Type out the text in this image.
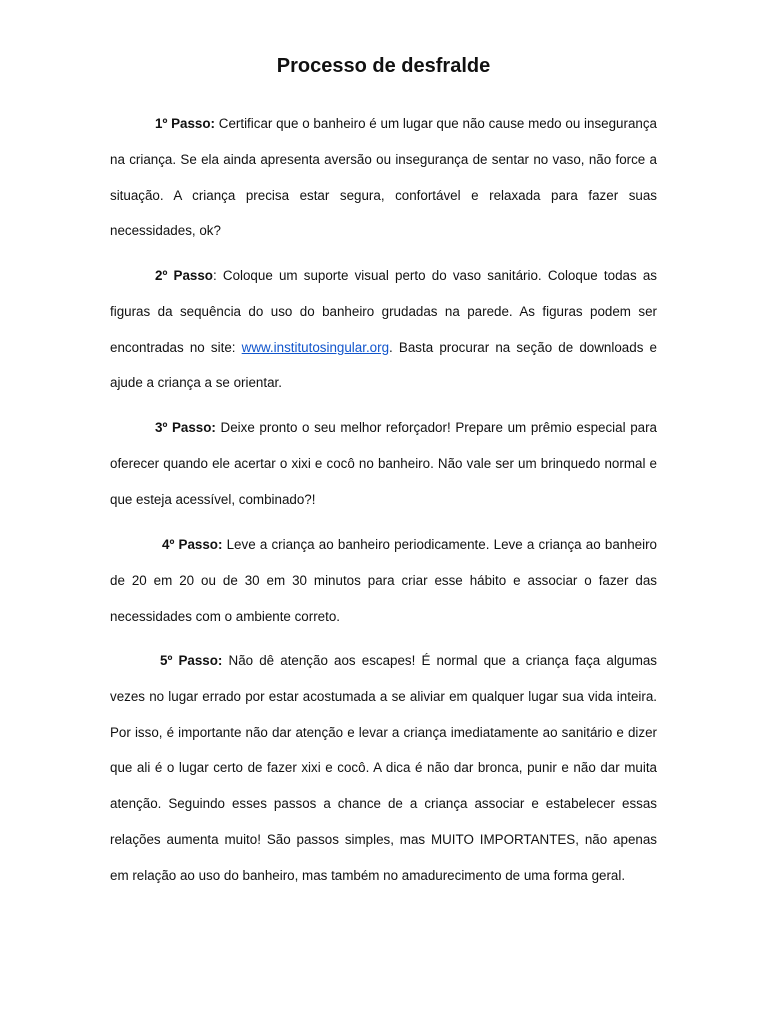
Processo de desfralde

1º Passo: Certificar que o banheiro é um lugar que não cause medo ou insegurança na criança. Se ela ainda apresenta aversão ou insegurança de sentar no vaso, não force a situação. A criança precisa estar segura, confortável e relaxada para fazer suas necessidades, ok?

2º Passo: Coloque um suporte visual perto do vaso sanitário. Coloque todas as figuras da sequência do uso do banheiro grudadas na parede. As figuras podem ser encontradas no site: www.institutosingular.org. Basta procurar na seção de downloads e ajude a criança a se orientar.

3º Passo: Deixe pronto o seu melhor reforçador! Prepare um prêmio especial para oferecer quando ele acertar o xixi e cocô no banheiro. Não vale ser um brinquedo normal e que esteja acessível, combinado?!

4º Passo: Leve a criança ao banheiro periodicamente. Leve a criança ao banheiro de 20 em 20 ou de 30 em 30 minutos para criar esse hábito e associar o fazer das necessidades com o ambiente correto.

5º Passo: Não dê atenção aos escapes! É normal que a criança faça algumas vezes no lugar errado por estar acostumada a se aliviar em qualquer lugar sua vida inteira. Por isso, é importante não dar atenção e levar a criança imediatamente ao sanitário e dizer que ali é o lugar certo de fazer xixi e cocô. A dica é não dar bronca, punir e não dar muita atenção. Seguindo esses passos a chance de a criança associar e estabelecer essas relações aumenta muito! São passos simples, mas MUITO IMPORTANTES, não apenas em relação ao uso do banheiro, mas também no amadurecimento de uma forma geral.
